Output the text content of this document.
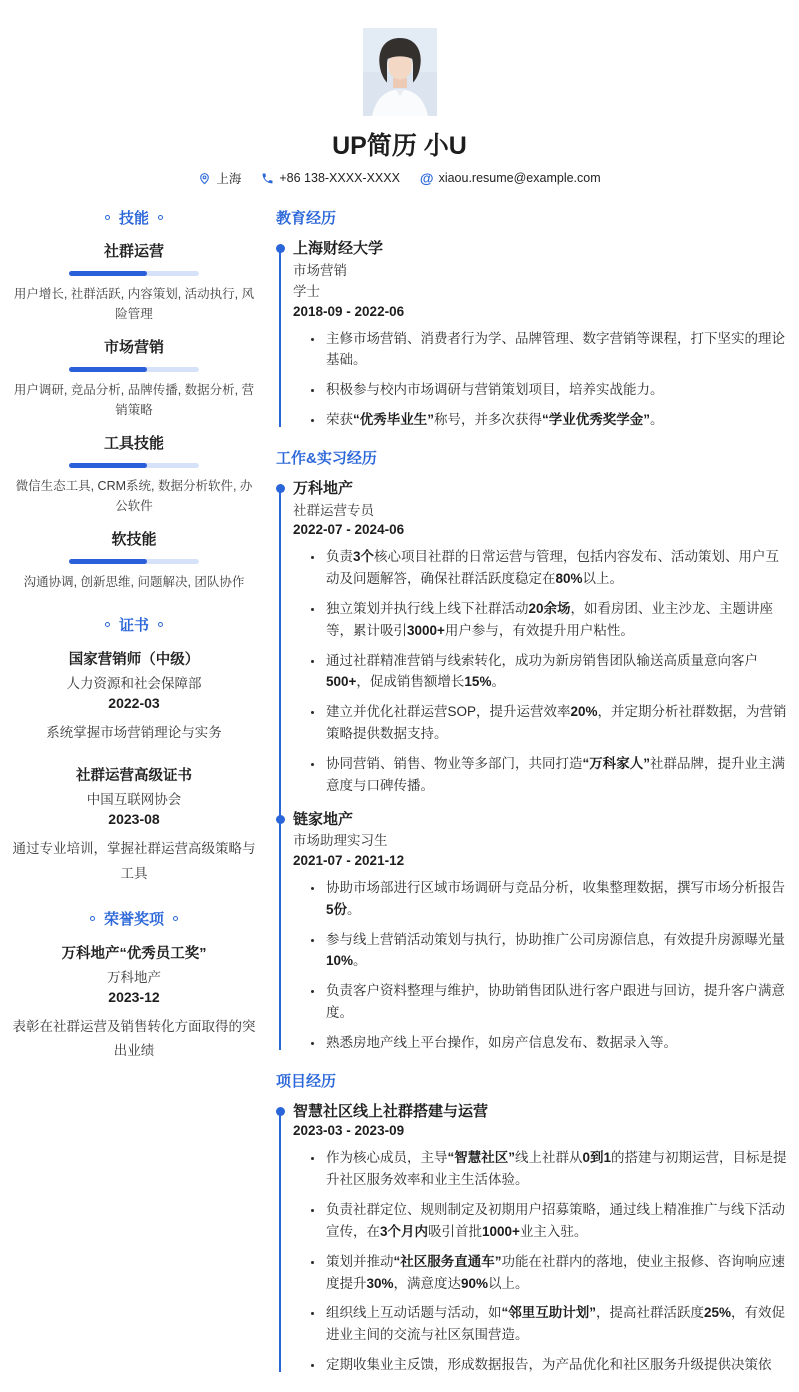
UP简历 小U
上海	+86 138-XXXX-XXXX @ xiaou.resume@example.com
技能
社群运营
用户增长, 社群活跃, 内容策划, 活动执行, 风险管理
市场营销
用户调研, 竞品分析, 品牌传播, 数据分析, 营销策略
工具技能
微信生态工具, CRM系统, 数据分析软件, 办公软件
软技能
沟通协调, 创新思维, 问题解决, 团队协作
证书
国家营销师（中级）
人力资源和社会保障部
2022-03
系统掌握市场营销理论与实务
社群运营高级证书
中国互联网协会
2023-08
通过专业培训，掌握社群运营高级策略与工具
荣誉奖项
万科地产“优秀员工奖”
万科地产
2023-12
表彰在社群运营及销售转化方面取得的突出业绩
教育经历
上海财经大学
市场营销
学士
2018-09 - 2022-06
• 主修市场营销、消费者行为学、品牌管理、数字营销等课程，打下坚实的理论基础。
• 积极参与校内市场调研与营销策划项目，培养实战能力。
• 荣获“优秀毕业生”称号，并多次获得“学业优秀奖学金”。
工作&实习经历
万科地产
社群运营专员
2022-07 - 2024-06
• 负责3个核心项目社群的日常运营与管理，包括内容发布、活动策划、用户互动及问题解答，确保社群活跃度稳定在80%以上。
• 独立策划并执行线上线下社群活动20余场，如看房团、业主沙龙、主题讲座等，累计吸引3000+用户参与，有效提升用户粘性。
• 通过社群精准营销与线索转化，成功为新房销售团队输送高质量意向客户500+，促成销售额增长15%。
• 建立并优化社群运营SOP，提升运营效率20%，并定期分析社群数据，为营销策略提供数据支持。
• 协同营销、销售、物业等多部门，共同打造“万科家人”社群品牌，提升业主满意度与口碑传播。
链家地产
市场助理实习生
2021-07 - 2021-12
• 协助市场部进行区域市场调研与竞品分析，收集整理数据，撰写市场分析报告5份。
• 参与线上营销活动策划与执行，协助推广公司房源信息，有效提升房源曝光量10%。
• 负责客户资料整理与维护，协助销售团队进行客户跟进与回访，提升客户满意度。
• 熟悉房地产线上平台操作，如房产信息发布、数据录入等。
项目经历
智慧社区线上社群搭建与运营
2023-03 - 2023-09
• 作为核心成员，主导“智慧社区”线上社群从0到1的搭建与初期运营，目标是提升社区服务效率和业主生活体验。
• 负责社群定位、规则制定及初期用户招募策略，通过线上精准推广与线下活动宣传，在3个月内吸引首批1000+业主入驻。
• 策划并推动“社区服务直通车”功能在社群内的落地，使业主报修、咨询响应速度提升30%，满意度达90%以上。
• 组织线上互动话题与活动，如“邻里互助计划”，提高社群活跃度25%，有效促进业主间的交流与社区氛围营造。
• 定期收集业主反馈，形成数据报告，为产品优化和社区服务升级提供决策依
